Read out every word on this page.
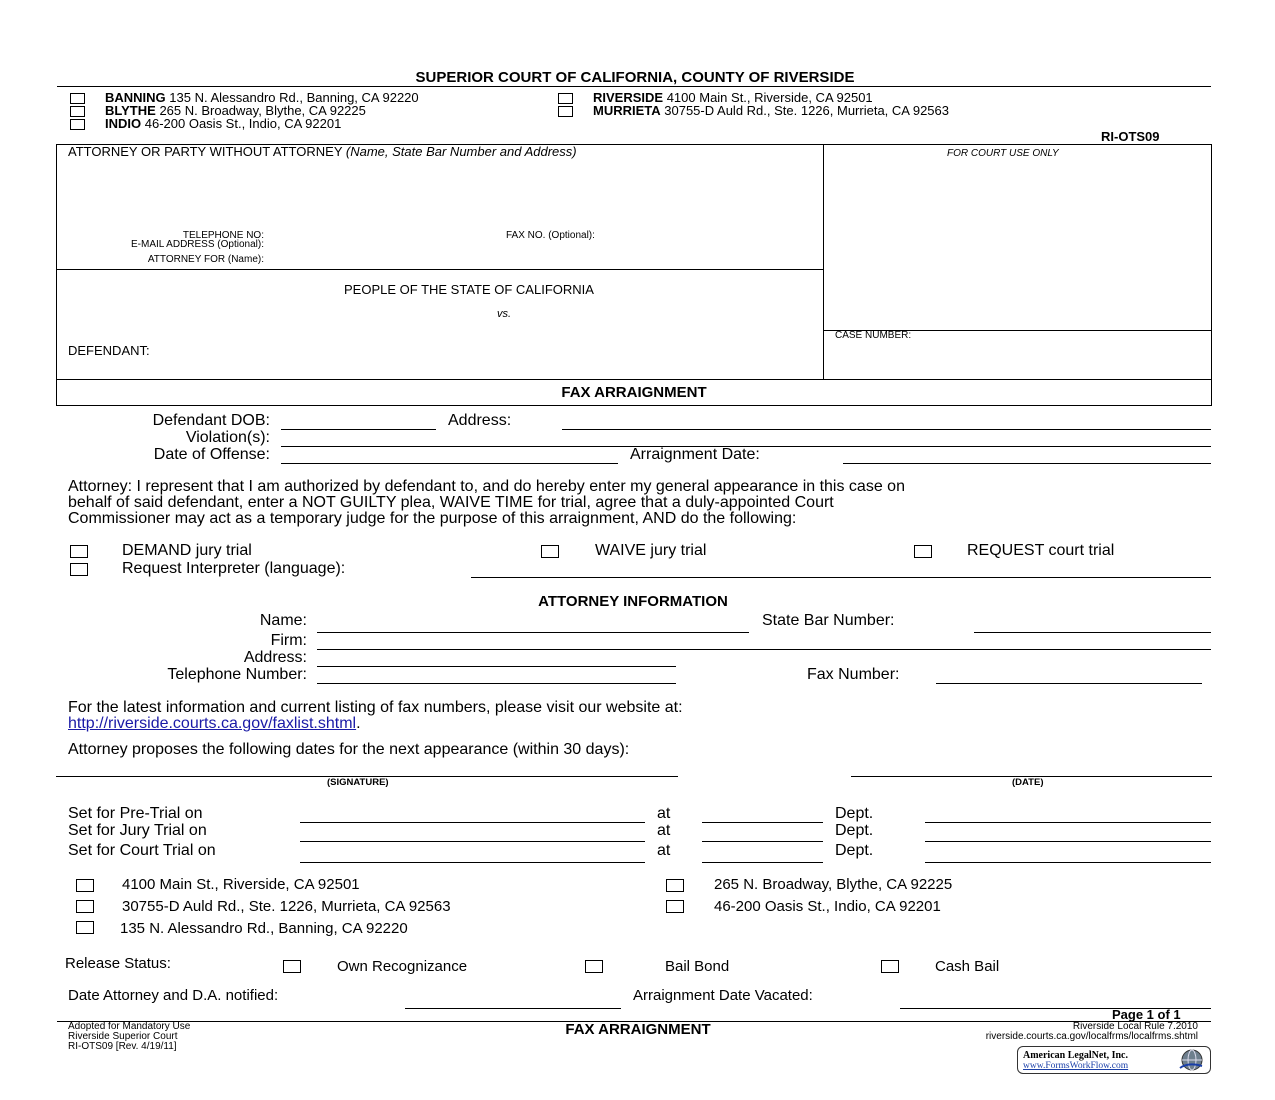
SUPERIOR COURT OF CALIFORNIA, COUNTY OF RIVERSIDE
BANNING 135 N. Alessandro Rd., Banning, CA 92220
BLYTHE 265 N. Broadway, Blythe, CA 92225
INDIO 46-200 Oasis St., Indio, CA 92201
RIVERSIDE 4100 Main St., Riverside, CA 92501
MURRIETA 30755-D Auld Rd., Ste. 1226, Murrieta, CA 92563
RI-OTS09
ATTORNEY OR PARTY WITHOUT ATTORNEY (Name, State Bar Number and Address)	FOR COURT USE ONLY
TELEPHONE NO:	FAX NO. (Optional):
E-MAIL ADDRESS (Optional):
ATTORNEY FOR (Name):
PEOPLE OF THE STATE OF CALIFORNIA
vs.
DEFENDANT:
CASE NUMBER:
FAX ARRAIGNMENT
Defendant DOB:	Address:
Violation(s):
Date of Offense:	Arraignment Date:
Attorney: I represent that I am authorized by defendant to, and do hereby enter my general appearance in this case on
behalf of said defendant, enter a NOT GUILTY plea, WAIVE TIME for trial, agree that a duly-appointed Court
Commissioner may act as a temporary judge for the purpose of this arraignment, AND do the following:
DEMAND jury trial	WAIVE jury trial	REQUEST court trial
Request Interpreter (language):
ATTORNEY INFORMATION
Name:	State Bar Number:
Firm:
Address:
Telephone Number:	Fax Number:
For the latest information and current listing of fax numbers, please visit our website at:
http://riverside.courts.ca.gov/faxlist.shtml.
Attorney proposes the following dates for the next appearance (within 30 days):
(SIGNATURE)	(DATE)
Set for Pre-Trial on	at	Dept.
Set for Jury Trial on	at	Dept.
Set for Court Trial on	at	Dept.
4100 Main St., Riverside, CA 92501	265 N. Broadway, Blythe, CA 92225
30755-D Auld Rd., Ste. 1226, Murrieta, CA 92563	46-200 Oasis St., Indio, CA 92201
135 N. Alessandro Rd., Banning, CA 92220
Release Status:	Own Recognizance	Bail Bond	Cash Bail
Date Attorney and D.A. notified:	Arraignment Date Vacated:
Page 1 of 1
Adopted for Mandatory Use
Riverside Superior Court
RI-OTS09 [Rev. 4/19/11]
FAX ARRAIGNMENT	Riverside Local Rule 7.2010
riverside.courts.ca.gov/localfrms/localfrms.shtml
American LegalNet, Inc.
www.FormsWorkFlow.com
